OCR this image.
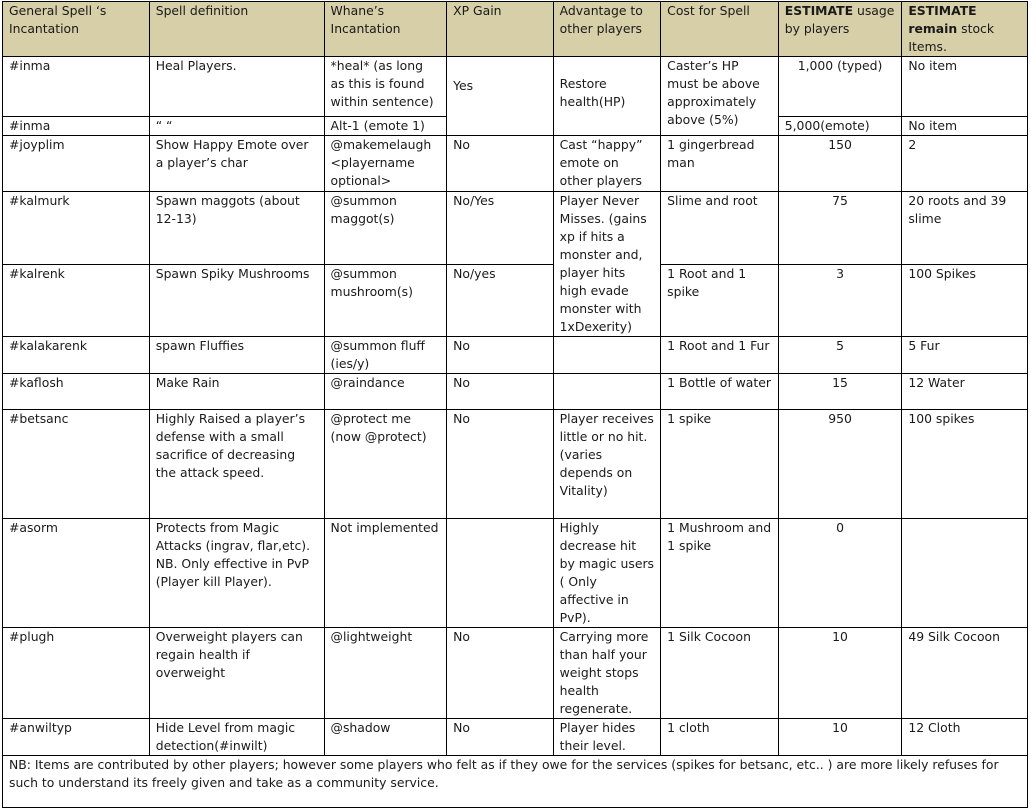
General Spell ‘s Incantation	Spell definition	Whane’s Incantation	XP Gain	Advantage to other players	Cost for Spell	ESTIMATE usage by players	ESTIMATE
remain stock Items.
#inma	Heal Players.	*heal* (as long as this is found within sentence)	Yes	Restore health(HP)	Caster’s HP must be above approximately above (5%)	1,000 (typed)	No item
#inma	“ “	Alt-1 (emote 1)				5,000(emote)	No item
#joyplim	Show Happy Emote over a player’s char	@makemelaugh <playername optional>	No	Cast “happy” emote on other players	1 gingerbread man	150	2
#kalmurk	Spawn maggots (about 12-13)	@summon maggot(s)	No/Yes	Player Never Misses. (gains xp if hits a monster and, player hits high evade monster with 1xDexerity)	Slime and root	75	20 roots and 39 slime
#kalrenk	Spawn Spiky Mushrooms	@summon mushroom(s)	No/yes		1 Root and 1 spike	3	100 Spikes
#kalakarenk	spawn Fluffies	@summon fluff (ies/y)	No		1 Root and 1 Fur	5	5 Fur
#kaflosh	Make Rain	@raindance	No		1 Bottle of water	15	12 Water
#betsanc	Highly Raised a player’s defense with a small sacrifice of decreasing the attack speed.	@protect me (now @protect)	No	Player receives little or no hit. (varies depends on Vitality)	1 spike	950	100 spikes
#asorm	Protects from Magic Attacks (ingrav, flar,etc). NB. Only effective in PvP (Player kill Player).	Not implemented		Highly decrease hit by magic users ( Only affective in PvP).	1 Mushroom and 1 spike	0	
#plugh	Overweight players can regain health if overweight	@lightweight	No	Carrying more than half your weight stops health regenerate.	1 Silk Cocoon	10	49 Silk Cocoon
#anwiltyp	Hide Level from magic detection(#inwilt)	@shadow	No	Player hides their level.	1 cloth	10	12 Cloth
NB: Items are contributed by other players; however some players who felt as if they owe for the services (spikes for betsanc, etc.. ) are more likely refuses for such to understand its freely given and take as a community service.							
